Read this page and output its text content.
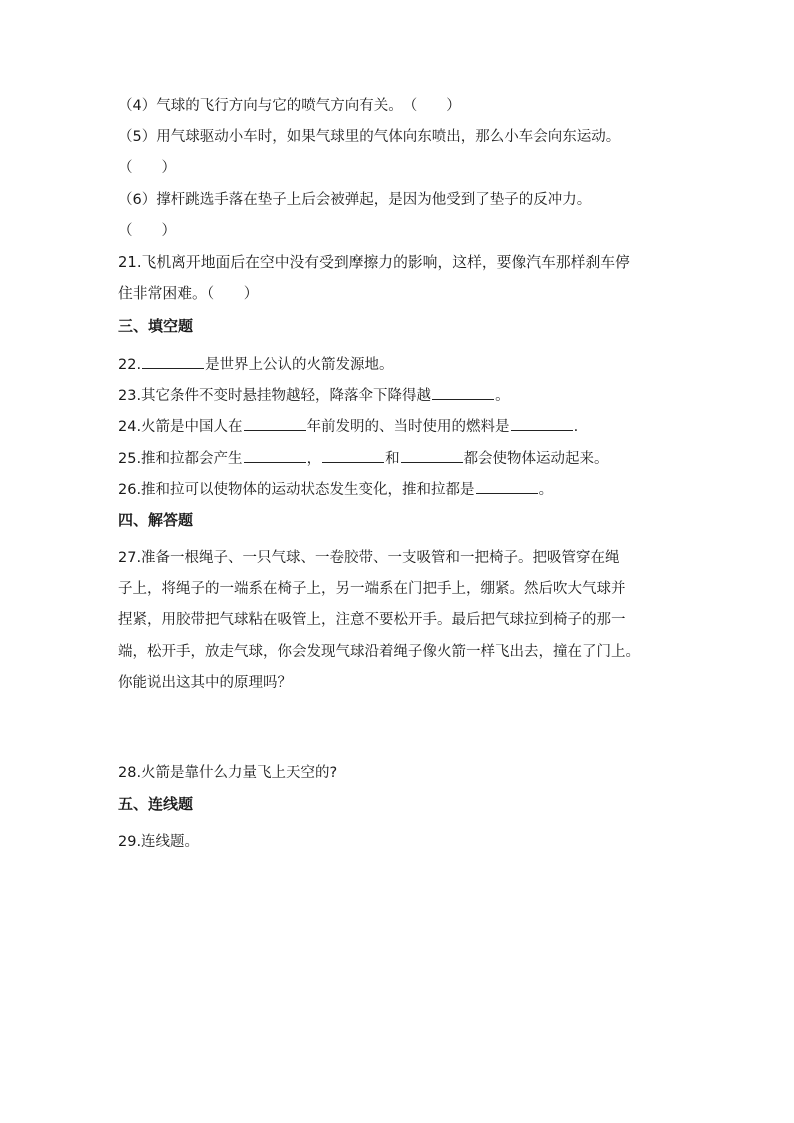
（4）气球的飞行方向与它的喷气方向有关。　（　　）
（5）用气球驱动小车时，如果气球里的气体向东喷出，那么小车会向东运动。
（　　）
（6）撑杆跳选手落在垫子上后会被弹起，是因为他受到了垫子的反冲力。
（　　）
21.飞机离开地面后在空中没有受到摩擦力的影响，这样，要像汽车那样刹车停
住非常困难。（　　）
三、填空题
22.	是世界上公认的火箭发源地。
23.其它条件不变时悬挂物越轻，降落伞下降得越	。
24.火箭是中国人在	年前发明的、当时使用的燃料是	.
25.推和拉都会产生	，	和	都会使物体运动起来。
26.推和拉可以使物体的运动状态发生变化，推和拉都是	。
四、解答题
27.准备一根绳子、一只气球、一卷胶带、一支吸管和一把椅子。把吸管穿在绳
子上，将绳子的一端系在椅子上，另一端系在门把手上，绷紧。然后吹大气球并
捏紧，用胶带把气球粘在吸管上，注意不要松开手。最后把气球拉到椅子的那一
端，松开手，放走气球，你会发现气球沿着绳子像火箭一样飞出去，撞在了门上。
你能说出这其中的原理吗？
28.火箭是靠什么力量飞上天空的?
五、连线题
29.连线题。
